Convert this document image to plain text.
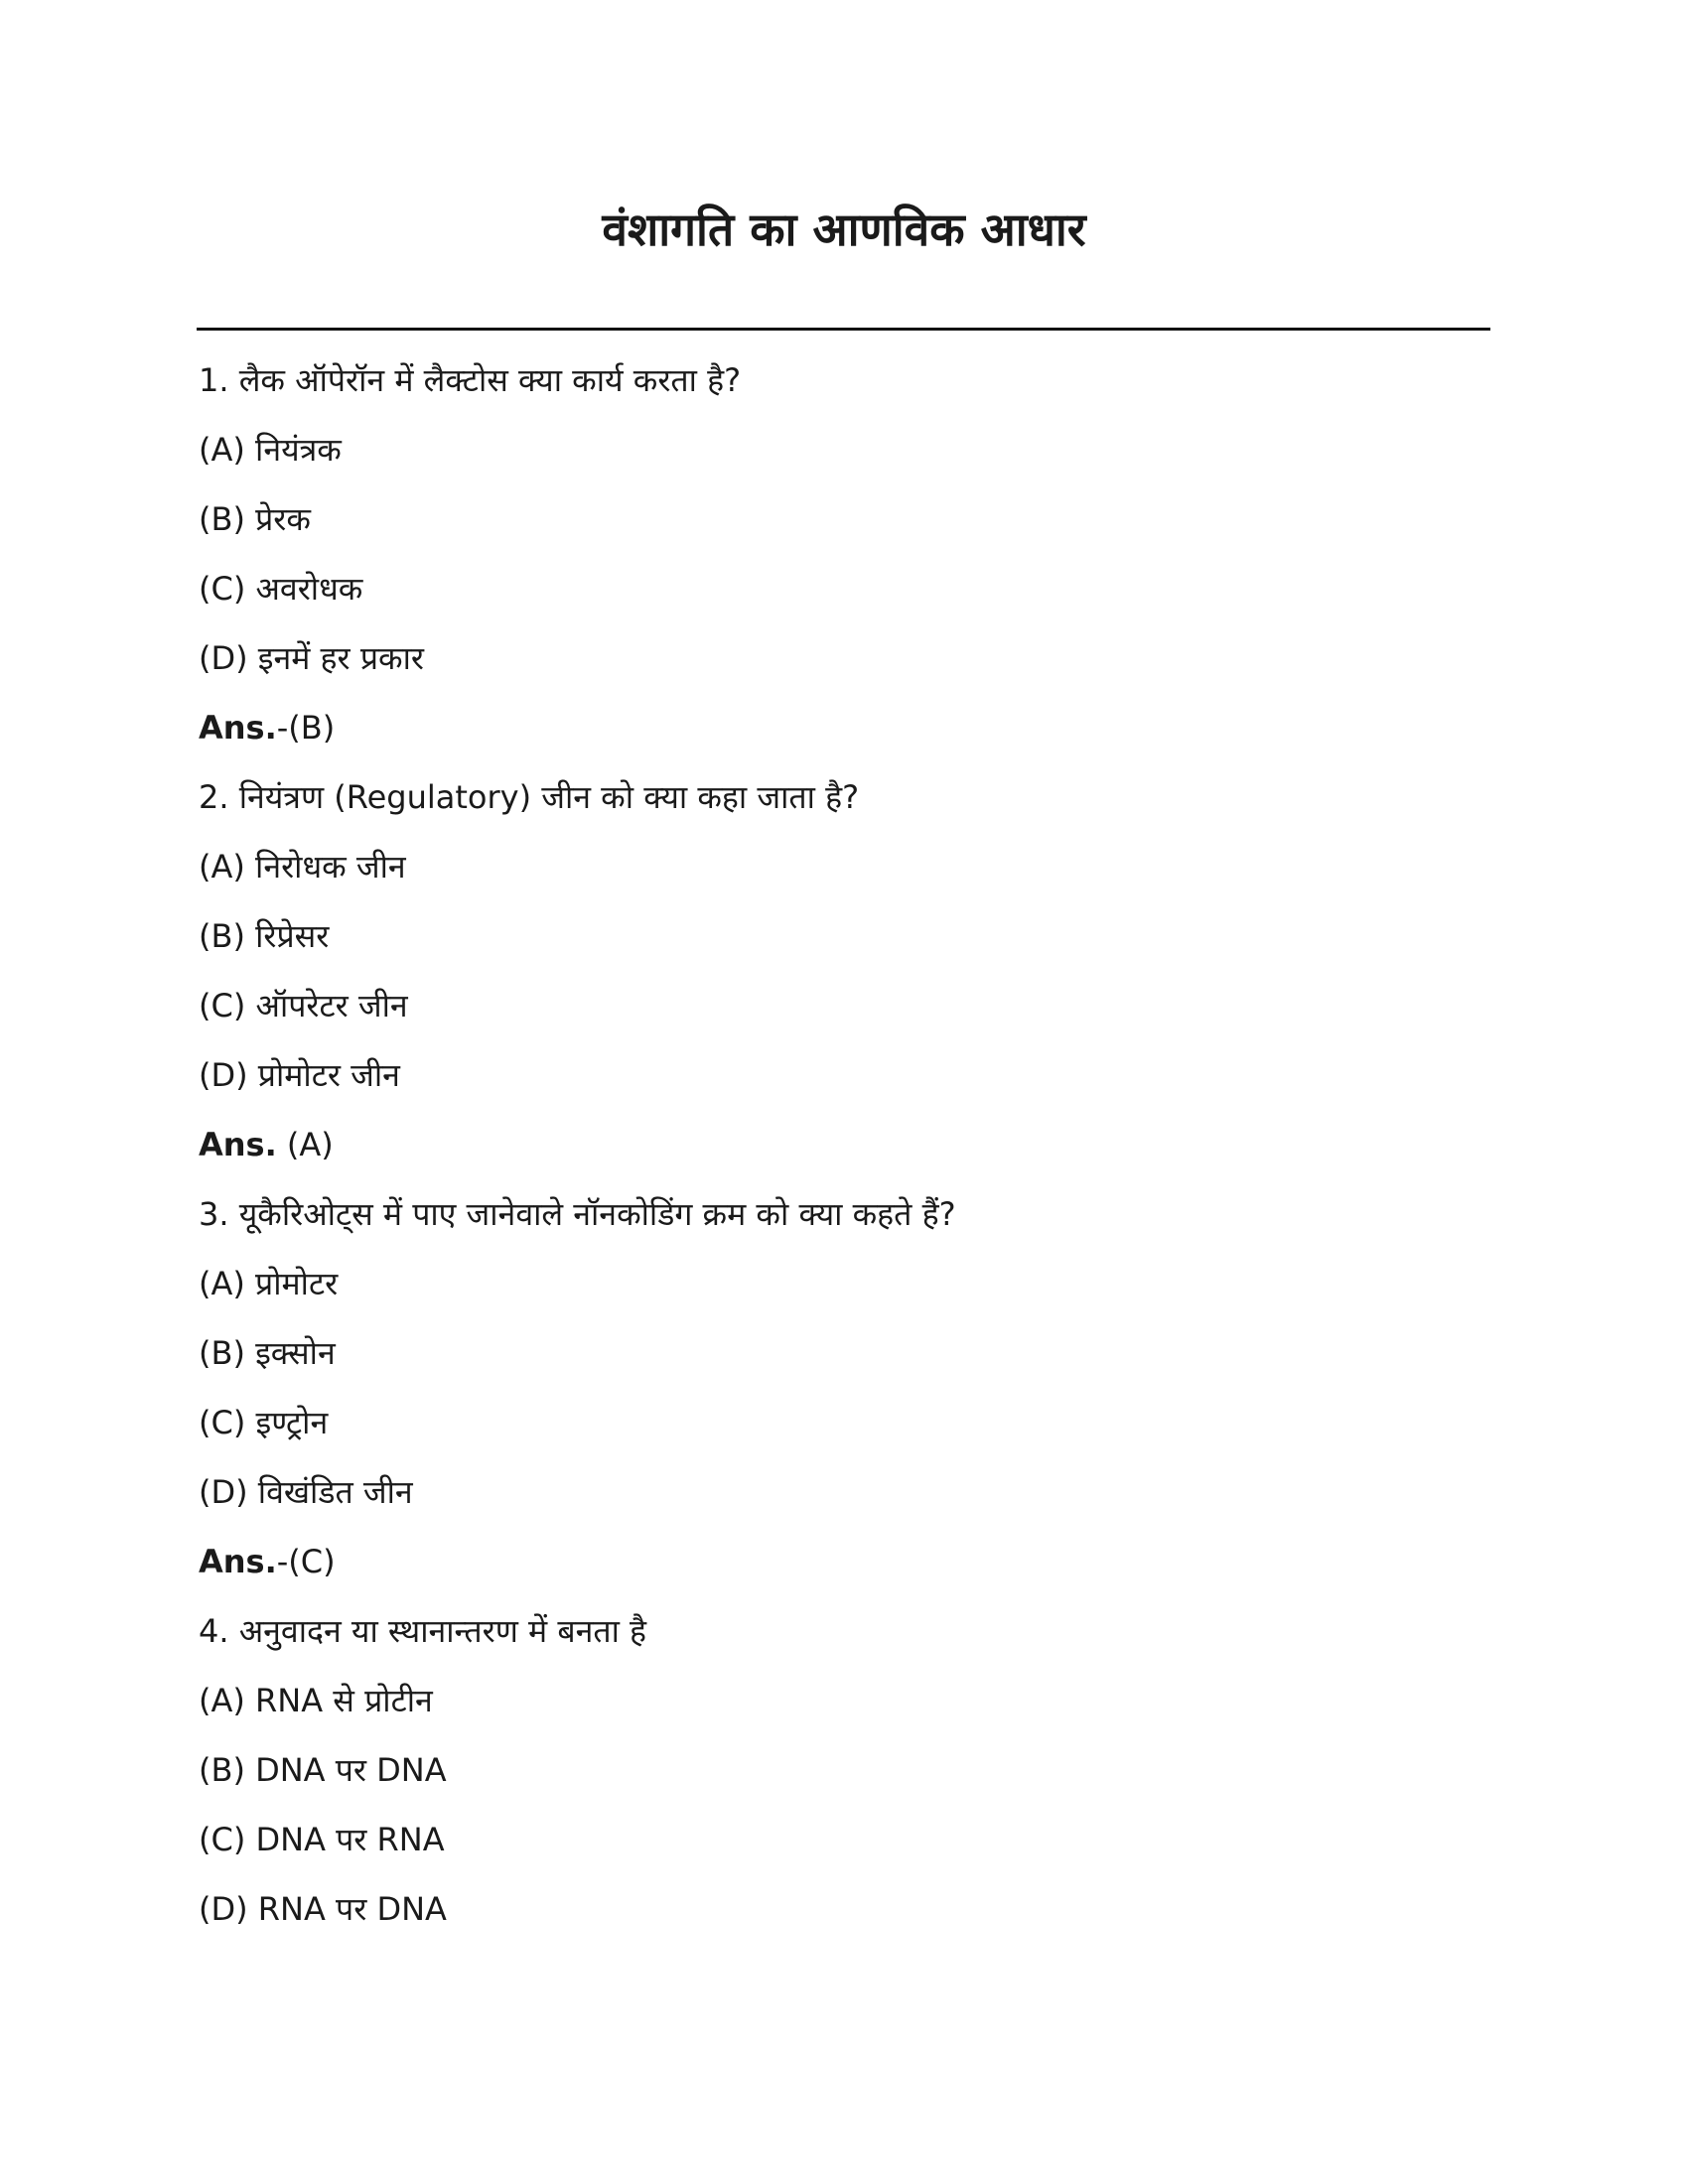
वंशागति का आणविक आधार
1. लैक ऑपेरॉन में लैक्टोस क्या कार्य करता है?
(A) नियंत्रक
(B) प्रेरक
(C) अवरोधक
(D) इनमें हर प्रकार
Ans.-(B)
2. नियंत्रण (Regulatory) जीन को क्या कहा जाता है?
(A) निरोधक जीन
(B) रिप्रेसर
(C) ऑपरेटर जीन
(D) प्रोमोटर जीन
Ans. (A)
3. यूकैरिओट्स में पाए जानेवाले नॉनकोडिंग क्रम को क्या कहते हैं?
(A) प्रोमोटर
(B) इक्सोन
(C) इण्ट्रोन
(D) विखंडित जीन
Ans.-(C)
4. अनुवादन या स्थानान्तरण में बनता है
(A) RNA से प्रोटीन
(B) DNA पर DNA
(C) DNA पर RNA
(D) RNA पर DNA
